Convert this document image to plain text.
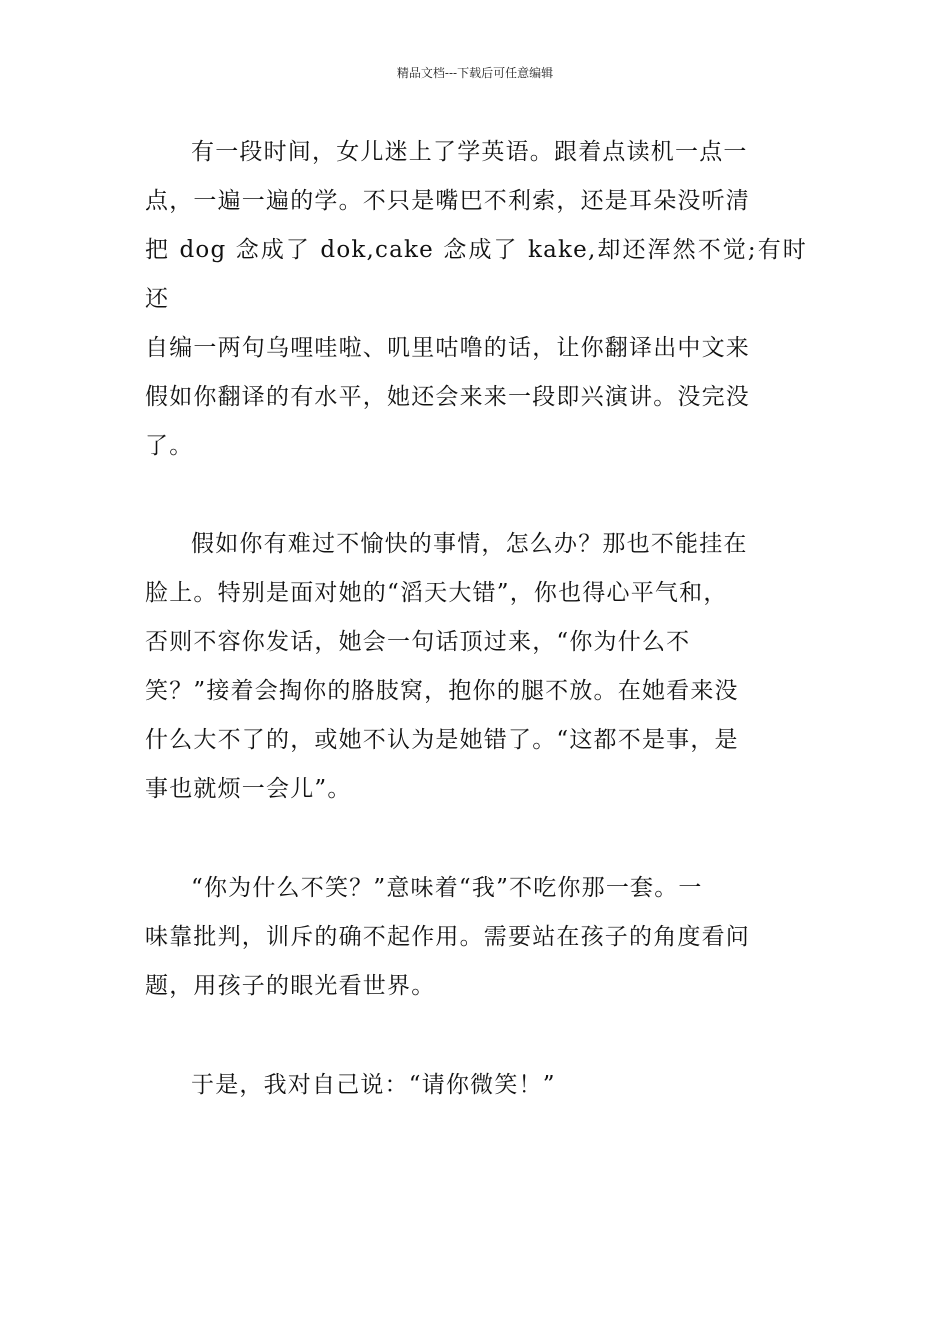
精品文档---下载后可任意编辑

有一段时间，女儿迷上了学英语。跟着点读机一点一
点，一遍一遍的学。不只是嘴巴不利索，还是耳朵没听清
把 dog 念成了 dok,cake 念成了 kake,却还浑然不觉;有时还
自编一两句乌哩哇啦、叽里咕噜的话，让你翻译出中文来
假如你翻译的有水平，她还会来来一段即兴演讲。没完没
了。

假如你有难过不愉快的事情，怎么办？那也不能挂在
脸上。特别是面对她的“滔天大错”，你也得心平气和，
否则不容你发话，她会一句话顶过来，“你为什么不
笑？”接着会掏你的胳肢窝，抱你的腿不放。在她看来没
什么大不了的，或她不认为是她错了。“这都不是事，是
事也就烦一会儿”。

“你为什么不笑？”意味着“我”不吃你那一套。一
味靠批判，训斥的确不起作用。需要站在孩子的角度看问
题，用孩子的眼光看世界。

于是，我对自己说：“请你微笑！”
